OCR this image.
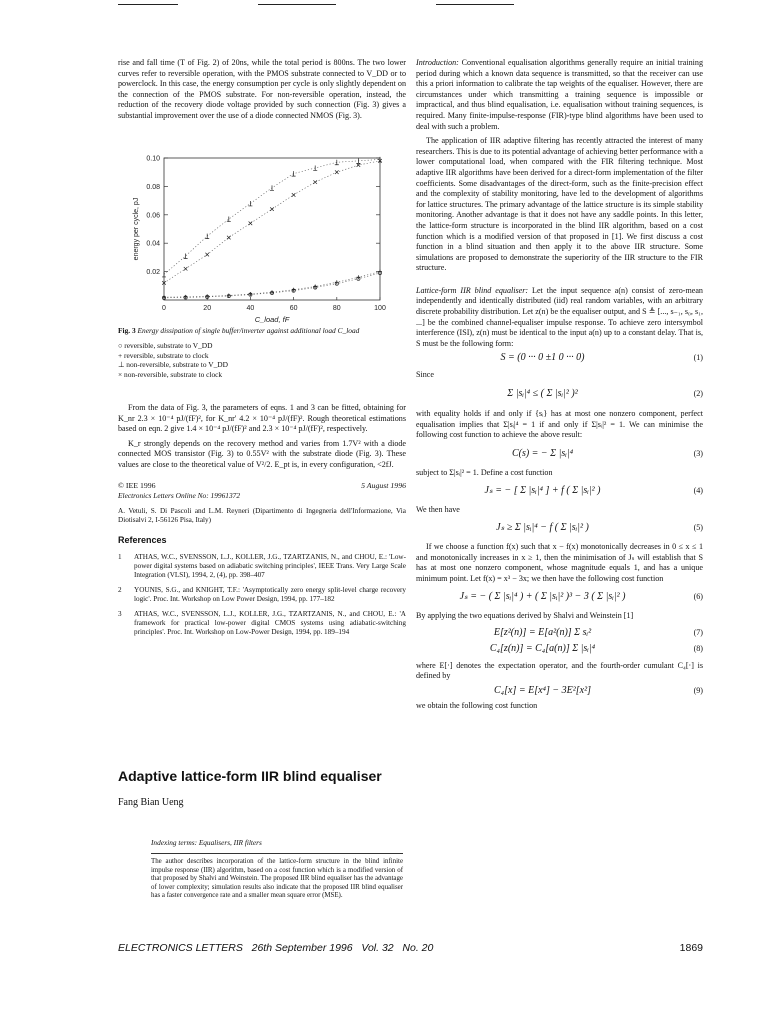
rise and fall time (T of Fig. 2) of 20ns, while the total period is 800ns. The two lower curves refer to reversible operation, with the PMOS substrate connected to V_DD or to powerclock. In this case, the energy consumption per cycle is only slightly dependent on the connection of the PMOS substrate. For non-reversible operation, instead, the reduction of the recovery diode voltage provided by such connection (Fig. 3) gives a substantial improvement over the use of a diode connected NMOS (Fig. 3).

0	20	40	60	80	100
0.10
0.08
0.06
0.04
0.02
C_load, fF
energy per cycle, pJ
Fig. 3 Energy dissipation of single buffer/inverter against additional load C_load
○ reversible, substrate to V_DD
+ reversible, substrate to clock
⊥ non-reversible, substrate to V_DD
× non-reversible, substrate to clock

From the data of Fig. 3, the parameters of eqns. 1 and 3 can be fitted, obtaining for K_nr 2.3 × 10⁻⁴ pJ/(fF)², for K_nr' 4.2 × 10⁻⁴ pJ/(fF)². Rough theoretical estimations based on eqn. 2 give 1.4 × 10⁻⁴ pJ/(fF)² and 2.3 × 10⁻⁴ pJ/(fF)², respectively.

K_r strongly depends on the recovery method and varies from 1.7V² with a diode connected MOS transistor (Fig. 3) to 0.55V² with the substrate diode (Fig. 3). These values are close to the theoretical value of V²/2. E_pt is, in every configuration, <2fJ.

© IEE 1996	5 August 1996
Electronics Letters Online No: 19961372
A. Vetuli, S. Di Pascoli and L.M. Reyneri (Dipartimento di Ingegneria dell'Informazione, Via Diotisalvi 2, I-56126 Pisa, Italy)
References
1	ATHAS, W.C., SVENSSON, L.J., KOLLER, J.G., TZARTZANIS, N., and CHOU, E.: 'Low-power digital systems based on adiabatic switching principles', IEEE Trans. Very Large Scale Integration (VLSI), 1994, 2, (4), pp. 398–407
2	YOUNIS, S.G., and KNIGHT, T.F.: 'Asymptotically zero energy split-level charge recovery logic'. Proc. Int. Workshop on Low Power Design, 1994, pp. 177–182
3	ATHAS, W.C., SVENSSON, L.J., KOLLER, J.G., TZARTZANIS, N., and CHOU, E.: 'A framework for practical low-power digital CMOS systems using adiabatic-switching principles'. Proc. Int. Workshop on Low-Power Design, 1994, pp. 189–194
Adaptive lattice-form IIR blind equaliser
Fang Bian Ueng
Indexing terms: Equalisers, IIR filters
The author describes incorporation of the lattice-form structure in the blind infinite impulse response (IIR) algorithm, based on a cost function which is a modified version of that proposed by Shalvi and Weinstein. The proposed IIR blind equaliser has the advantage of lower complexity; simulation results also indicate that the proposed IIR blind equaliser has a faster convergence rate and a smaller mean square error (MSE).

Introduction: Conventional equalisation algorithms generally require an initial training period during which a known data sequence is transmitted, so that the receiver can use this a priori information to calibrate the tap weights of the equaliser. However, there are circumstances under which transmitting a training sequence is impossible or impractical, and thus blind equalisation, i.e. equalisation without training sequences, is required. Many finite-impulse-response (FIR)-type blind algorithms have been used to deal with such a problem.

The application of IIR adaptive filtering has recently attracted the interest of many researchers. This is due to its potential advantage of achieving better performance with a lower computational load, when compared with the FIR filtering technique. Most adaptive IIR algorithms have been derived for a direct-form implementation of the filter coefficients. Some disadvantages of the direct-form, such as the finite-precision effect and the complexity of stability monitoring, have led to the development of algorithms for lattice structures. The primary advantage of the lattice structure is its simple stability monitoring. Another advantage is that it does not have any saddle points. In this letter, the lattice-form structure is incorporated in the blind IIR algorithm, based on a cost function which is a modified version of that proposed in [1]. We first discuss a cost function in a blind situation and then apply it to the above IIR structure. Some simulations are proposed to demonstrate the superiority of the IIR structure to the FIR structure.

Lattice-form IIR blind equaliser: Let the input sequence a(n) consist of zero-mean independently and identically distributed (iid) real random variables, with an arbitrary discrete probability distribution. Let z(n) be the equaliser output, and S ≜ [..., s₋₁, s₀, s₁, ...] be the combined channel-equaliser impulse response. To achieve zero intersymbol interference (ISI), z(n) must be identical to the input a(n) up to a constant delay. That is, S must be the following form:

S = (0 ··· 0 ±1 0 ··· 0)	(1)
Since
Σ |sᵢ|⁴ ≤ ( Σ |sᵢ|² )²	(2)

with equality holds if and only if {sᵢ} has at most one nonzero component, perfect equalisation implies that Σ|sᵢ|⁴ = 1 if and only if Σ|sᵢ|² = 1. We can minimise the following cost function to achieve the above result:

C(s) = − Σ |sᵢ|⁴	(3)
subject to Σ|sᵢ|² = 1. Define a cost function
Jₛ = − [ Σ |sᵢ|⁴ ] + f ( Σ |sᵢ|² )	(4)
We then have
Jₛ ≥ Σ |sᵢ|⁴ − f ( Σ |sᵢ|² )	(5)

If we choose a function f(x) such that x − f(x) monotonically decreases in 0 ≤ x ≤ 1 and monotonically increases in x ≥ 1, then the minimisation of Jₛ will establish that S has at most one nonzero component, whose magnitude equals 1, and has a unique minimum point. Let f(x) = x³ − 3x; we then have the following cost function

Jₛ = − ( Σ |sᵢ|⁴ ) + ( Σ |sᵢ|² )³ − 3 ( Σ |sᵢ|² )	(6)
By applying the two equations derived by Shalvi and Weinstein [1]
E[z²(n)] = E[a²(n)] Σ sᵢ²	(7)
C₄[z(n)] = C₄[a(n)] Σ |sᵢ|⁴	(8)

where E[·] denotes the expectation operator, and the fourth-order cumulant C₄[·] is defined by

C₄[x] = E[x⁴] − 3E²[x²]	(9)
we obtain the following cost function
ELECTRONICS LETTERS   26th September 1996   Vol. 32   No. 20	1869
